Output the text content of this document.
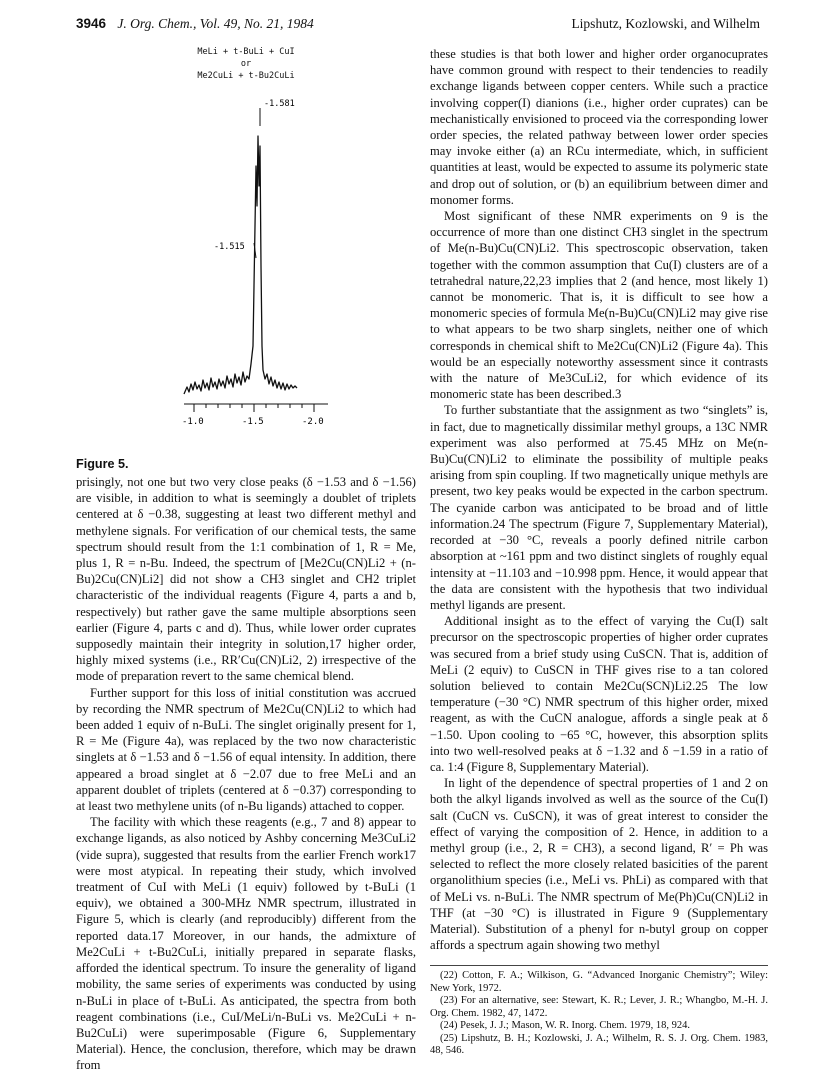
3946 J. Org. Chem., Vol. 49, No. 21, 1984	Lipshutz, Kozlowski, and Wilhelm
MeLi + t-BuLi + CuI
or
Me2CuLi + t-Bu2CuLi
-1.581
-1.515
-1.0	-1.5	-2.0
Figure 5.

prisingly, not one but two very close peaks (δ −1.53 and δ −1.56) are visible, in addition to what is seemingly a doublet of triplets centered at δ −0.38, suggesting at least two different methyl and methylene signals. For verification of our chemical tests, the same spectrum should result from the 1:1 combination of 1, R = Me, plus 1, R = n-Bu. Indeed, the spectrum of [Me2Cu(CN)Li2 + (n-Bu)2Cu(CN)Li2] did not show a CH3 singlet and CH2 triplet characteristic of the individual reagents (Figure 4, parts a and b, respectively) but rather gave the same multiple absorptions seen earlier (Figure 4, parts c and d). Thus, while lower order cuprates supposedly maintain their integrity in solution,17 higher order, highly mixed systems (i.e., RR′Cu(CN)Li2, 2) irrespective of the mode of preparation revert to the same chemical blend.

Further support for this loss of initial constitution was accrued by recording the NMR spectrum of Me2Cu(CN)Li2 to which had been added 1 equiv of n-BuLi. The singlet originally present for 1, R = Me (Figure 4a), was replaced by the two now characteristic singlets at δ −1.53 and δ −1.56 of equal intensity. In addition, there appeared a broad singlet at δ −2.07 due to free MeLi and an apparent doublet of triplets (centered at δ −0.37) corresponding to at least two methylene units (of n-Bu ligands) attached to copper.

The facility with which these reagents (e.g., 7 and 8) appear to exchange ligands, as also noticed by Ashby concerning Me3CuLi2 (vide supra), suggested that results from the earlier French work17 were most atypical. In repeating their study, which involved treatment of CuI with MeLi (1 equiv) followed by t-BuLi (1 equiv), we obtained a 300-MHz NMR spectrum, illustrated in Figure 5, which is clearly (and reproducibly) different from the reported data.17 Moreover, in our hands, the admixture of Me2CuLi + t-Bu2CuLi, initially prepared in separate flasks, afforded the identical spectrum. To insure the generality of ligand mobility, the same series of experiments was conducted by using n-BuLi in place of t-BuLi. As anticipated, the spectra from both reagent combinations (i.e., CuI/MeLi/n-BuLi vs. Me2CuLi + n-Bu2CuLi) were superimposable (Figure 6, Supplementary Material). Hence, the conclusion, therefore, which may be drawn from

these studies is that both lower and higher order organocuprates have common ground with respect to their tendencies to readily exchange ligands between copper centers. While such a practice involving copper(I) dianions (i.e., higher order cuprates) can be mechanistically envisioned to proceed via the corresponding lower order species, the related pathway between lower order species may invoke either (a) an RCu intermediate, which, in sufficient quantities at least, would be expected to assume its polymeric state and drop out of solution, or (b) an equilibrium between dimer and monomer forms.

Most significant of these NMR experiments on 9 is the occurrence of more than one distinct CH3 singlet in the spectrum of Me(n-Bu)Cu(CN)Li2. This spectroscopic observation, taken together with the common assumption that Cu(I) clusters are of a tetrahedral nature,22,23 implies that 2 (and hence, most likely 1) cannot be monomeric. That is, it is difficult to see how a monomeric species of formula Me(n-Bu)Cu(CN)Li2 may give rise to what appears to be two sharp singlets, neither one of which corresponds in chemical shift to Me2Cu(CN)Li2 (Figure 4a). This would be an especially noteworthy assessment since it contrasts with the nature of Me3CuLi2, for which evidence of its monomeric state has been described.3

To further substantiate that the assignment as two “singlets” is, in fact, due to magnetically dissimilar methyl groups, a 13C NMR experiment was also performed at 75.45 MHz on Me(n-Bu)Cu(CN)Li2 to eliminate the possibility of multiple peaks arising from spin coupling. If two magnetically unique methyls are present, two key peaks would be expected in the carbon spectrum. The cyanide carbon was anticipated to be broad and of little information.24 The spectrum (Figure 7, Supplementary Material), recorded at −30 °C, reveals a poorly defined nitrile carbon absorption at ~161 ppm and two distinct singlets of roughly equal intensity at −11.103 and −10.998 ppm. Hence, it would appear that the data are consistent with the hypothesis that two individual methyl ligands are present.

Additional insight as to the effect of varying the Cu(I) salt precursor on the spectroscopic properties of higher order cuprates was secured from a brief study using CuSCN. That is, addition of MeLi (2 equiv) to CuSCN in THF gives rise to a tan colored solution believed to contain Me2Cu(SCN)Li2.25 The low temperature (−30 °C) NMR spectrum of this higher order, mixed reagent, as with the CuCN analogue, affords a single peak at δ −1.50. Upon cooling to −65 °C, however, this absorption splits into two well-resolved peaks at δ −1.32 and δ −1.59 in a ratio of ca. 1:4 (Figure 8, Supplementary Material).

In light of the dependence of spectral properties of 1 and 2 on both the alkyl ligands involved as well as the source of the Cu(I) salt (CuCN vs. CuSCN), it was of great interest to consider the effect of varying the composition of 2. Hence, in addition to a methyl group (i.e., 2, R = CH3), a second ligand, R′ = Ph was selected to reflect the more closely related basicities of the parent organolithium species (i.e., MeLi vs. PhLi) as compared with that of MeLi vs. n-BuLi. The NMR spectrum of Me(Ph)Cu(CN)Li2 in THF (at −30 °C) is illustrated in Figure 9 (Supplementary Material). Substitution of a phenyl for n-butyl group on copper affords a spectrum again showing two methyl

(22) Cotton, F. A.; Wilkison, G. “Advanced Inorganic Chemistry”; Wiley: New York, 1972.
(23) For an alternative, see: Stewart, K. R.; Lever, J. R.; Whangbo, M.-H. J. Org. Chem. 1982, 47, 1472.
(24) Pesek, J. J.; Mason, W. R. Inorg. Chem. 1979, 18, 924.
(25) Lipshutz, B. H.; Kozlowski, J. A.; Wilhelm, R. S. J. Org. Chem. 1983, 48, 546.
